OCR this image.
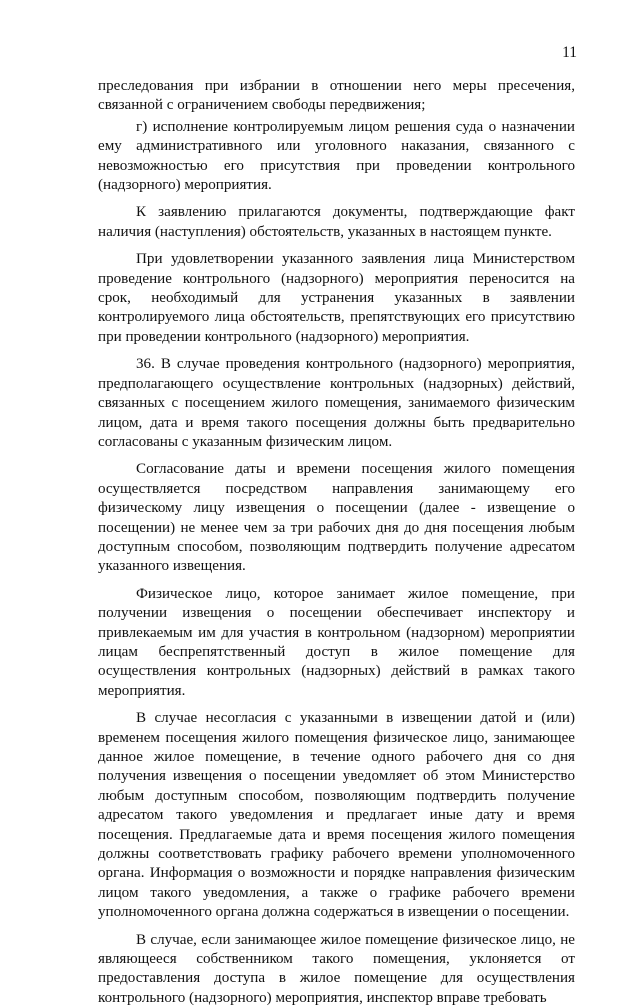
11

преследования при избрании в отношении него меры пресечения, связанной с ограничением свободы передвижения;

г) исполнение контролируемым лицом решения суда о назначении ему административного или уголовного наказания, связанного с невозможностью его присутствия при проведении контрольного (надзорного) мероприятия.

К заявлению прилагаются документы, подтверждающие факт наличия (наступления) обстоятельств, указанных в настоящем пункте.

При удовлетворении указанного заявления лица Министерством проведение контрольного (надзорного) мероприятия переносится на срок, необходимый для устранения указанных в заявлении контролируемого лица обстоятельств, препятствующих его присутствию при проведении контрольного (надзорного) мероприятия.

36. В случае проведения контрольного (надзорного) мероприятия, предполагающего осуществление контрольных (надзорных) действий, связанных с посещением жилого помещения, занимаемого физическим лицом, дата и время такого посещения должны быть предварительно согласованы с указанным физическим лицом.

Согласование даты и времени посещения жилого помещения осуществляется посредством направления занимающему его физическому лицу извещения о посещении (далее - извещение о посещении) не менее чем за три рабочих дня до дня посещения любым доступным способом, позволяющим подтвердить получение адресатом указанного извещения.

Физическое лицо, которое занимает жилое помещение, при получении извещения о посещении обеспечивает инспектору и привлекаемым им для участия в контрольном (надзорном) мероприятии лицам беспрепятственный доступ в жилое помещение для осуществления контрольных (надзорных) действий в рамках такого мероприятия.

В случае несогласия с указанными в извещении датой и (или) временем посещения жилого помещения физическое лицо, занимающее данное жилое помещение, в течение одного рабочего дня со дня получения извещения о посещении уведомляет об этом Министерство любым доступным способом, позволяющим подтвердить получение адресатом такого уведомления и предлагает иные дату и время посещения. Предлагаемые дата и время посещения жилого помещения должны соответствовать графику рабочего времени уполномоченного органа. Информация о возможности и порядке направления физическим лицом такого уведомления, а также о графике рабочего времени уполномоченного органа должна содержаться в извещении о посещении.

В случае, если занимающее жилое помещение физическое лицо, не являющееся собственником такого помещения, уклоняется от предоставления доступа в жилое помещение для осуществления контрольного (надзорного) мероприятия, инспектор вправе требовать
